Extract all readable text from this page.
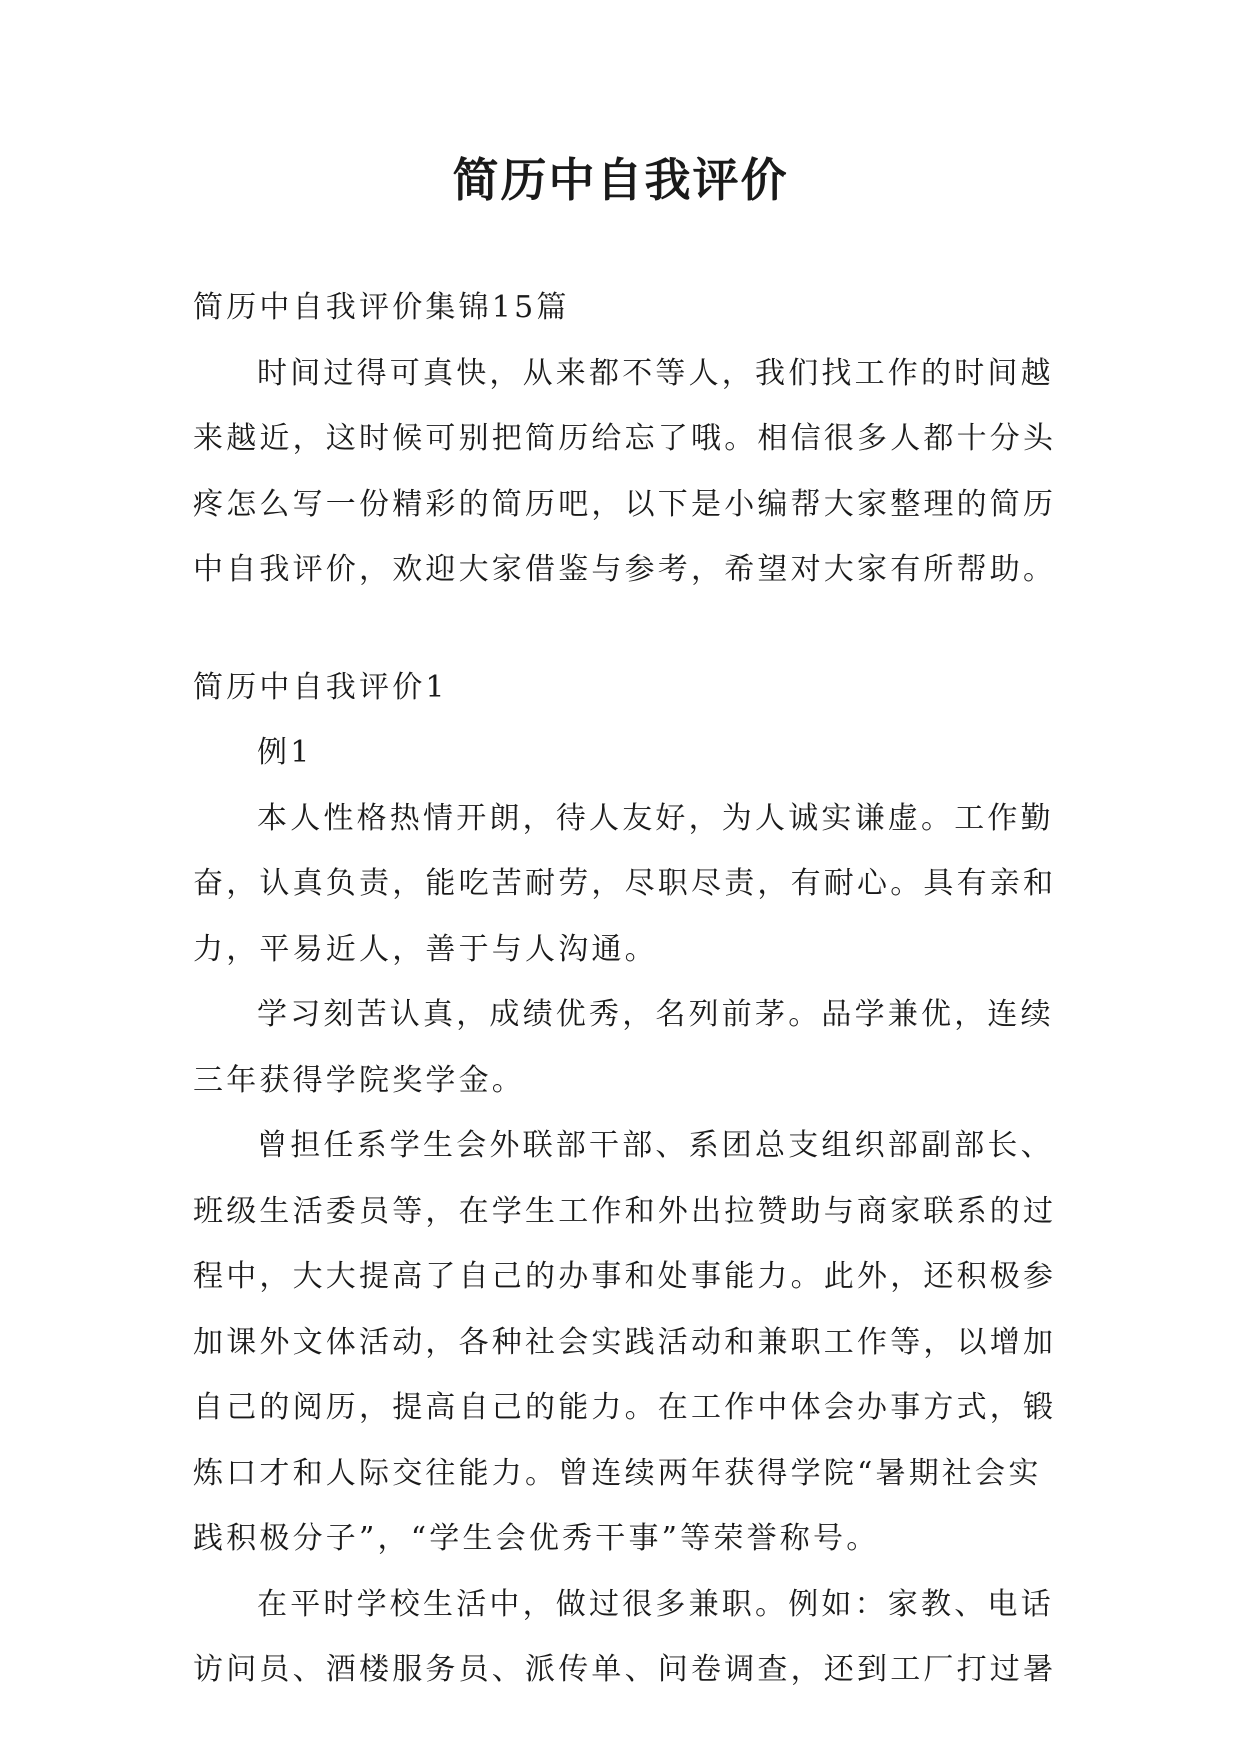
简历中自我评价
简历中自我评价集锦15篇
时间过得可真快，从来都不等人，我们找工作的时间越
来越近，这时候可别把简历给忘了哦。相信很多人都十分头
疼怎么写一份精彩的简历吧，以下是小编帮大家整理的简历
中自我评价，欢迎大家借鉴与参考，希望对大家有所帮助。
简历中自我评价1
例1
本人性格热情开朗，待人友好，为人诚实谦虚。工作勤
奋，认真负责，能吃苦耐劳，尽职尽责，有耐心。具有亲和
力，平易近人，善于与人沟通。
学习刻苦认真，成绩优秀，名列前茅。品学兼优，连续
三年获得学院奖学金。
曾担任系学生会外联部干部、系团总支组织部副部长、
班级生活委员等，在学生工作和外出拉赞助与商家联系的过
程中，大大提高了自己的办事和处事能力。此外，还积极参
加课外文体活动，各种社会实践活动和兼职工作等，以增加
自己的阅历，提高自己的能力。在工作中体会办事方式，锻
炼口才和人际交往能力。曾连续两年获得学院“暑期社会实
践积极分子”，“学生会优秀干事”等荣誉称号。
在平时学校生活中，做过很多兼职。例如：家教、电话
访问员、酒楼服务员、派传单、问卷调查，还到工厂打过暑
